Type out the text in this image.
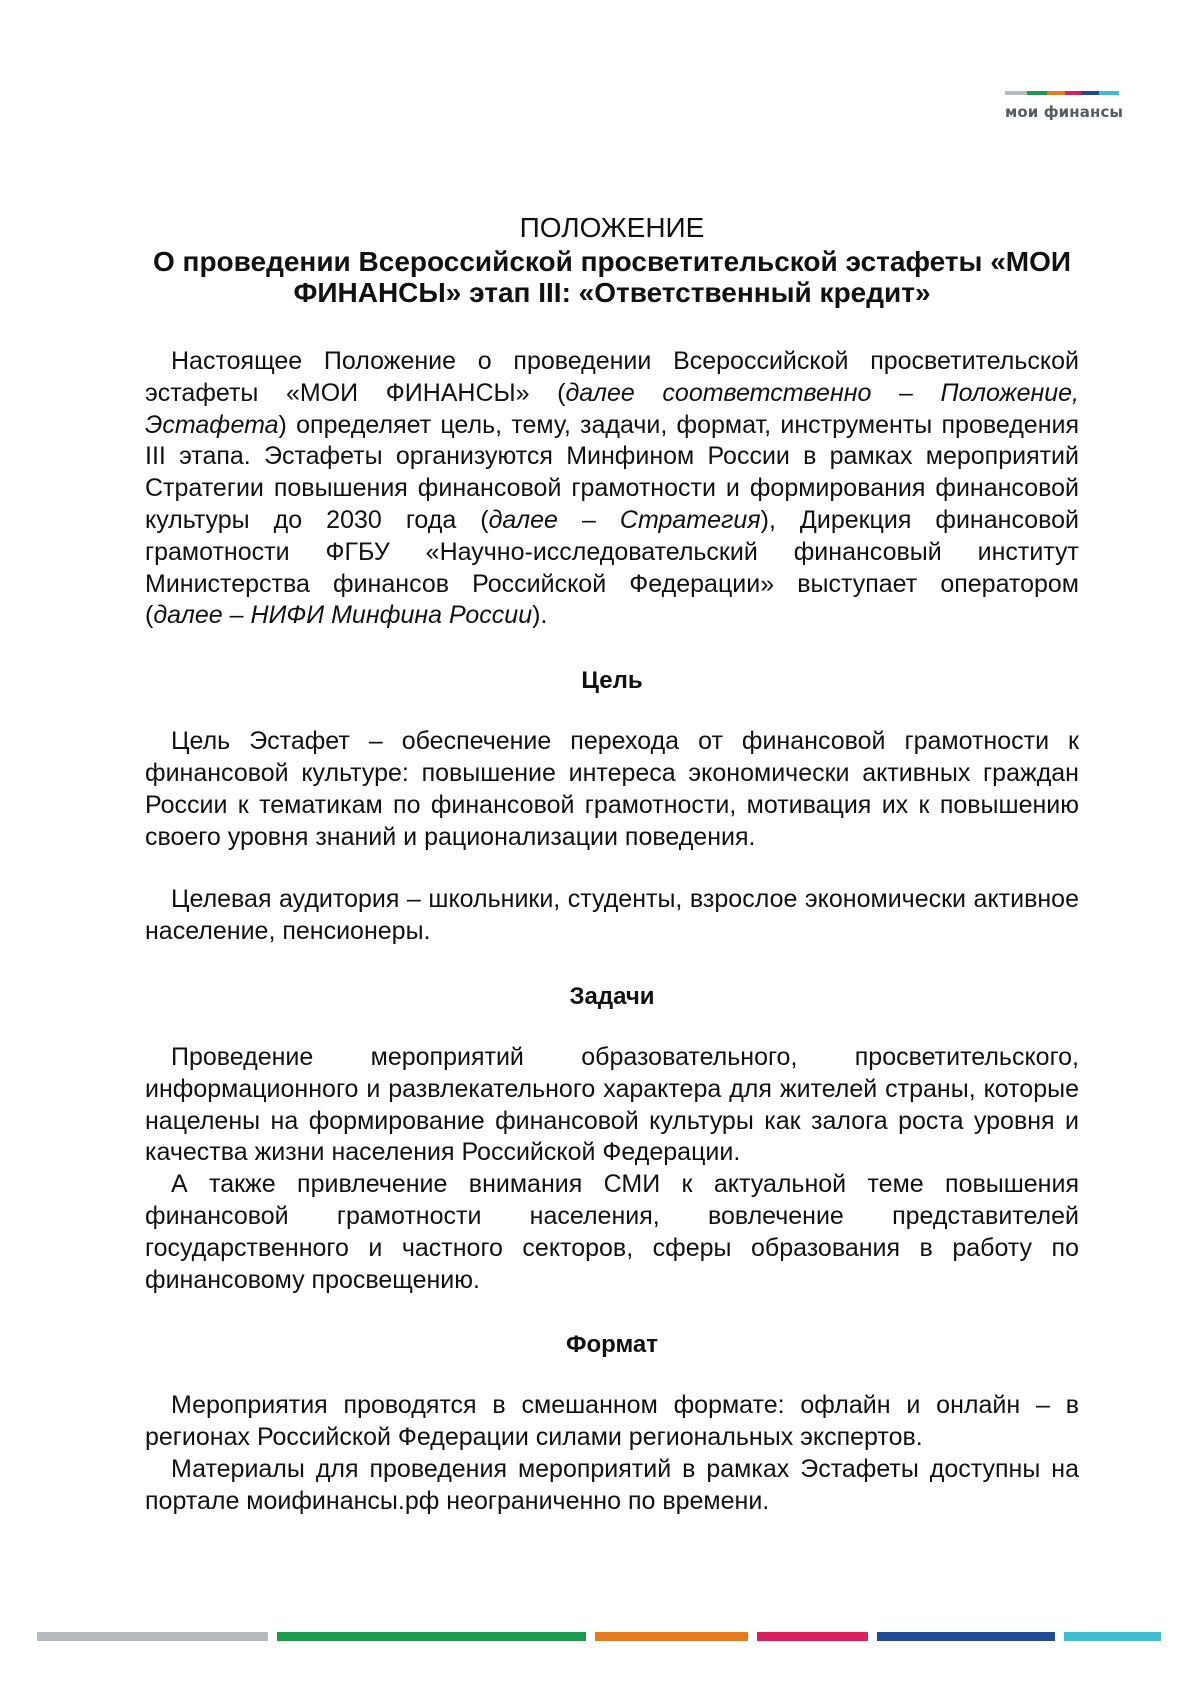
мои финансы
ПОЛОЖЕНИЕ
О проведении Всероссийской просветительской эстафеты «МОИ ФИНАНСЫ» этап III: «Ответственный кредит»

Настоящее Положение о проведении Всероссийской просветительской эстафеты «МОИ ФИНАНСЫ» (далее соответственно – Положение, Эстафета) определяет цель, тему, задачи, формат, инструменты проведения III этапа. Эстафеты организуются Минфином России в рамках мероприятий Стратегии повышения финансовой грамотности и формирования финансовой культуры до 2030 года (далее – Стратегия), Дирекция финансовой грамотности ФГБУ «Научно-исследовательский финансовый институт Министерства финансов Российской Федерации» выступает оператором (далее – НИФИ Минфина России).

Цель

Цель Эстафет – обеспечение перехода от финансовой грамотности к финансовой культуре: повышение интереса экономически активных граждан России к тематикам по финансовой грамотности, мотивация их к повышению своего уровня знаний и рационализации поведения.

Целевая аудитория – школьники, студенты, взрослое экономически активное население, пенсионеры.

Задачи

Проведение мероприятий образовательного, просветительского, информационного и развлекательного характера для жителей страны, которые нацелены на формирование финансовой культуры как залога роста уровня и качества жизни населения Российской Федерации.

А также привлечение внимания СМИ к актуальной теме повышения финансовой грамотности населения, вовлечение представителей государственного и частного секторов, сферы образования в работу по финансовому просвещению.

Формат

Мероприятия проводятся в смешанном формате: офлайн и онлайн – в регионах Российской Федерации силами региональных экспертов.

Материалы для проведения мероприятий в рамках Эстафеты доступны на портале моифинансы.рф неограниченно по времени.
